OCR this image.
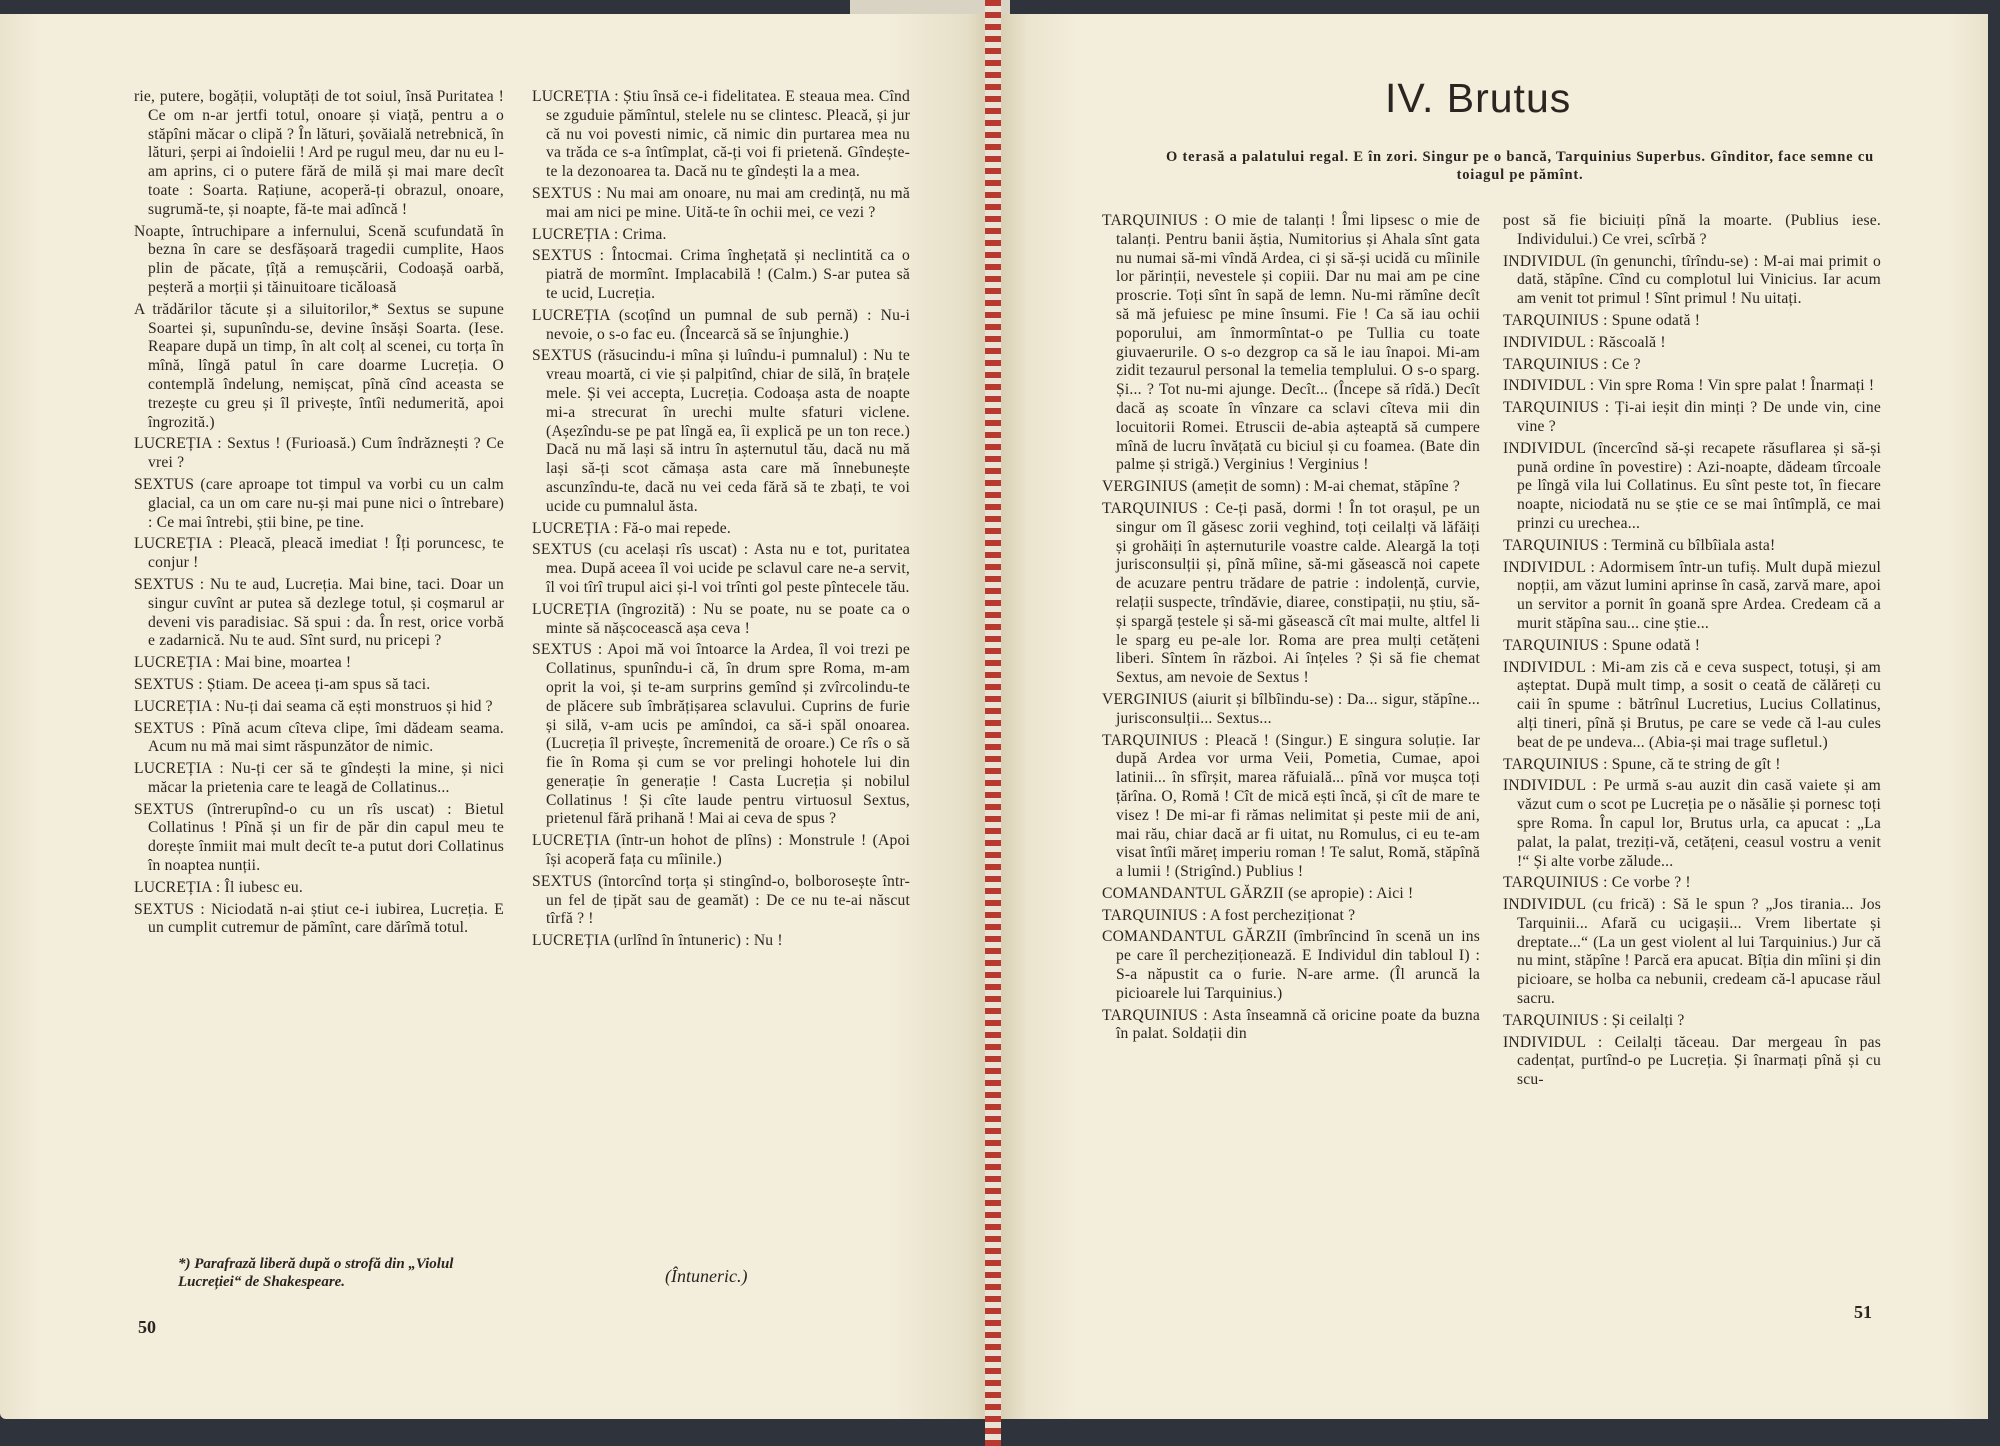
rie, putere, bogății, voluptăți de tot soiul, însă Puritatea ! Ce om n-ar jertfi totul, onoare și viață, pentru a o stăpîni măcar o clipă ? În lături, șovăială netrebnică, în lături, șerpi ai îndoielii ! Ard pe rugul meu, dar nu eu l-am aprins, ci o putere fără de milă și mai mare decît toate : Soarta. Rațiune, acoperă-ți obrazul, onoare, sugrumă-te, și noapte, fă-te mai adîncă !

Noapte, întruchipare a infernului, Scenă scufundată în bezna în care se desfășoară tragedii cumplite, Haos plin de păcate, țîță a remușcării, Codoașă oarbă, peșteră a morții și tăinuitoare ticăloasă

A trădărilor tăcute și a siluitorilor,* Sextus se supune Soartei și, supunîndu-se, devine însăși Soarta. (Iese. Reapare după un timp, în alt colț al scenei, cu torța în mînă, lîngă patul în care doarme Lucreția. O contemplă îndelung, nemișcat, pînă cînd aceasta se trezește cu greu și îl privește, întîi nedumerită, apoi îngrozită.)

LUCREȚIA : Sextus ! (Furioasă.) Cum îndrăznești ? Ce vrei ?

SEXTUS (care aproape tot timpul va vorbi cu un calm glacial, ca un om care nu-și mai pune nici o întrebare) : Ce mai întrebi, știi bine, pe tine.

LUCREȚIA : Pleacă, pleacă imediat ! Îți poruncesc, te conjur !

SEXTUS : Nu te aud, Lucreția. Mai bine, taci. Doar un singur cuvînt ar putea să dezlege totul, și coșmarul ar deveni vis paradisiac. Să spui : da. În rest, orice vorbă e zadarnică. Nu te aud. Sînt surd, nu pricepi ?

LUCREȚIA : Mai bine, moartea !

SEXTUS : Știam. De aceea ți-am spus să taci.

LUCREȚIA : Nu-ți dai seama că ești monstruos și hid ?

SEXTUS : Pînă acum cîteva clipe, îmi dădeam seama. Acum nu mă mai simt răspunzător de nimic.

LUCREȚIA : Nu-ți cer să te gîndești la mine, și nici măcar la prietenia care te leagă de Collatinus...

SEXTUS (întrerupînd-o cu un rîs uscat) : Bietul Collatinus ! Pînă și un fir de păr din capul meu te dorește înmiit mai mult decît te-a putut dori Collatinus în noaptea nunții.

LUCREȚIA : Îl iubesc eu.

SEXTUS : Niciodată n-ai știut ce-i iubirea, Lucreția. E un cumplit cutremur de pămînt, care dărîmă totul.

LUCREȚIA : Știu însă ce-i fidelitatea. E steaua mea. Cînd se zguduie pămîntul, stelele nu se clintesc. Pleacă, și jur că nu voi povesti nimic, că nimic din purtarea mea nu va trăda ce s-a întîmplat, că-ți voi fi prietenă. Gîndește-te la dezonoarea ta. Dacă nu te gîndești la a mea.

SEXTUS : Nu mai am onoare, nu mai am credință, nu mă mai am nici pe mine. Uită-te în ochii mei, ce vezi ?

LUCREȚIA : Crima.

SEXTUS : Întocmai. Crima înghețată și neclintită ca o piatră de mormînt. Implacabilă ! (Calm.) S-ar putea să te ucid, Lucreția.

LUCREȚIA (scoțînd un pumnal de sub pernă) : Nu-i nevoie, o s-o fac eu. (Încearcă să se înjunghie.)

SEXTUS (răsucindu-i mîna și luîndu-i pumnalul) : Nu te vreau moartă, ci vie și palpitînd, chiar de silă, în brațele mele. Și vei accepta, Lucreția. Codoașa asta de noapte mi-a strecurat în urechi multe sfaturi viclene. (Așezîndu-se pe pat lîngă ea, îi explică pe un ton rece.) Dacă nu mă lași să intru în așternutul tău, dacă nu mă lași să-ți scot cămașa asta care mă înnebunește ascunzîndu-te, dacă nu vei ceda fără să te zbați, te voi ucide cu pumnalul ăsta.

LUCREȚIA : Fă-o mai repede.

SEXTUS (cu același rîs uscat) : Asta nu e tot, puritatea mea. După aceea îl voi ucide pe sclavul care ne-a servit, îl voi tîrî trupul aici și-l voi trînti gol peste pîntecele tău.

LUCREȚIA (îngrozită) : Nu se poate, nu se poate ca o minte să nășcocească așa ceva !

SEXTUS : Apoi mă voi întoarce la Ardea, îl voi trezi pe Collatinus, spunîndu-i că, în drum spre Roma, m-am oprit la voi, și te-am surprins gemînd și zvîrcolindu-te de plăcere sub îmbrățișarea sclavului. Cuprins de furie și silă, v-am ucis pe amîndoi, ca să-i spăl onoarea. (Lucreția îl privește, încremenită de oroare.) Ce rîs o să fie în Roma și cum se vor prelingi hohotele lui din generație în generație ! Casta Lucreția și nobilul Collatinus ! Și cîte laude pentru virtuosul Sextus, prietenul fără prihană ! Mai ai ceva de spus ?

LUCREȚIA (într-un hohot de plîns) : Monstrule ! (Apoi își acoperă fața cu mîinile.)

SEXTUS (întorcînd torța și stingînd-o, bolborosește într-un fel de țipăt sau de geamăt) : De ce nu te-ai născut tîrfă ? !

LUCREȚIA (urlînd în întuneric) : Nu !

*) Parafrază liberă după o strofă din „Violul Lucreției“ de Shakespeare.	(Întuneric.)
50
IV. Brutus
O terasă a palatului regal. E în zori. Singur pe o bancă, Tarquinius Superbus. Gînditor, face semne cu toiagul pe pămînt.

TARQUINIUS : O mie de talanți ! Îmi lipsesc o mie de talanți. Pentru banii ăștia, Numitorius și Ahala sînt gata nu numai să-mi vîndă Ardea, ci și să-și ucidă cu mîinile lor părinții, nevestele și copiii. Dar nu mai am pe cine proscrie. Toți sînt în sapă de lemn. Nu-mi rămîne decît să mă jefuiesc pe mine însumi. Fie ! Ca să iau ochii poporului, am înmormîntat-o pe Tullia cu toate giuvaerurile. O s-o dezgrop ca să le iau înapoi. Mi-am zidit tezaurul personal la temelia templului. O s-o sparg. Și... ? Tot nu-mi ajunge. Decît... (Începe să rîdă.) Decît dacă aș scoate în vînzare ca sclavi cîteva mii din locuitorii Romei. Etruscii de-abia așteaptă să cumpere mînă de lucru învățată cu biciul și cu foamea. (Bate din palme și strigă.) Verginius ! Verginius !

VERGINIUS (amețit de somn) : M-ai chemat, stăpîne ?

TARQUINIUS : Ce-ți pasă, dormi ! În tot orașul, pe un singur om îl găsesc zorii veghind, toți ceilalți vă lăfăiți și grohăiți în așternuturile voastre calde. Aleargă la toți jurisconsulții și, pînă mîine, să-mi găsească noi capete de acuzare pentru trădare de patrie : indolență, curvie, relații suspecte, trîndăvie, diaree, constipații, nu știu, să-și spargă țestele și să-mi găsească cît mai multe, altfel li le sparg eu pe-ale lor. Roma are prea mulți cetățeni liberi. Sîntem în război. Ai înțeles ? Și să fie chemat Sextus, am nevoie de Sextus !

VERGINIUS (aiurit și bîlbîindu-se) : Da... sigur, stăpîne... jurisconsulții... Sextus...

TARQUINIUS : Pleacă ! (Singur.) E singura soluție. Iar după Ardea vor urma Veii, Pometia, Cumae, apoi latinii... în sfîrșit, marea răfuială... pînă vor mușca toți țărîna. O, Romă ! Cît de mică ești încă, și cît de mare te visez ! De mi-ar fi rămas nelimitat și peste mii de ani, mai rău, chiar dacă ar fi uitat, nu Romulus, ci eu te-am visat întîi măreț imperiu roman ! Te salut, Romă, stăpînă a lumii ! (Strigînd.) Publius !

COMANDANTUL GĂRZII (se apropie) : Aici !

TARQUINIUS : A fost percheziționat ?

COMANDANTUL GĂRZII (îmbrîncind în scenă un ins pe care îl percheziționează. E Individul din tabloul I) : S-a năpustit ca o furie. N-are arme. (Îl aruncă la picioarele lui Tarquinius.)

TARQUINIUS : Asta înseamnă că oricine poate da buzna în palat. Soldații din

post să fie biciuiți pînă la moarte. (Publius iese. Individului.) Ce vrei, scîrbă ?

INDIVIDUL (în genunchi, tîrîndu-se) : M-ai mai primit o dată, stăpîne. Cînd cu complotul lui Vinicius. Iar acum am venit tot primul ! Sînt primul ! Nu uitați.

TARQUINIUS : Spune odată !

INDIVIDUL : Răscoală !

TARQUINIUS : Ce ?

INDIVIDUL : Vin spre Roma ! Vin spre palat ! Înarmați !

TARQUINIUS : Ți-ai ieșit din minți ? De unde vin, cine vine ?

INDIVIDUL (încercînd să-și recapete răsuflarea și să-și pună ordine în povestire) : Azi-noapte, dădeam tîrcoale pe lîngă vila lui Collatinus. Eu sînt peste tot, în fiecare noapte, niciodată nu se știe ce se mai întîmplă, ce mai prinzi cu urechea...

TARQUINIUS : Termină cu bîlbîiala asta!

INDIVIDUL : Adormisem într-un tufiș. Mult după miezul nopții, am văzut lumini aprinse în casă, zarvă mare, apoi un servitor a pornit în goană spre Ardea. Credeam că a murit stăpîna sau... cine știe...

TARQUINIUS : Spune odată !

INDIVIDUL : Mi-am zis că e ceva suspect, totuși, și am așteptat. După mult timp, a sosit o ceată de călăreți cu caii în spume : bătrînul Lucretius, Lucius Collatinus, alți tineri, pînă și Brutus, pe care se vede că l-au cules beat de pe undeva... (Abia-și mai trage sufletul.)

TARQUINIUS : Spune, că te string de gît !

INDIVIDUL : Pe urmă s-au auzit din casă vaiete și am văzut cum o scot pe Lucreția pe o năsălie și pornesc toți spre Roma. În capul lor, Brutus urla, ca apucat : „La palat, la palat, treziți-vă, cetățeni, ceasul vostru a venit !“ Și alte vorbe zălude...

TARQUINIUS : Ce vorbe ? !

INDIVIDUL (cu frică) : Să le spun ? „Jos tirania... Jos Tarquinii... Afară cu ucigașii... Vrem libertate și dreptate...“ (La un gest violent al lui Tarquinius.) Jur că nu mint, stăpîne ! Parcă era apucat. Bîția din mîini și din picioare, se holba ca nebunii, credeam că-l apucase răul sacru.

TARQUINIUS : Și ceilalți ?

INDIVIDUL : Ceilalți tăceau. Dar mergeau în pas cadențat, purtînd-o pe Lucreția. Și înarmați pînă și cu scu-

51
